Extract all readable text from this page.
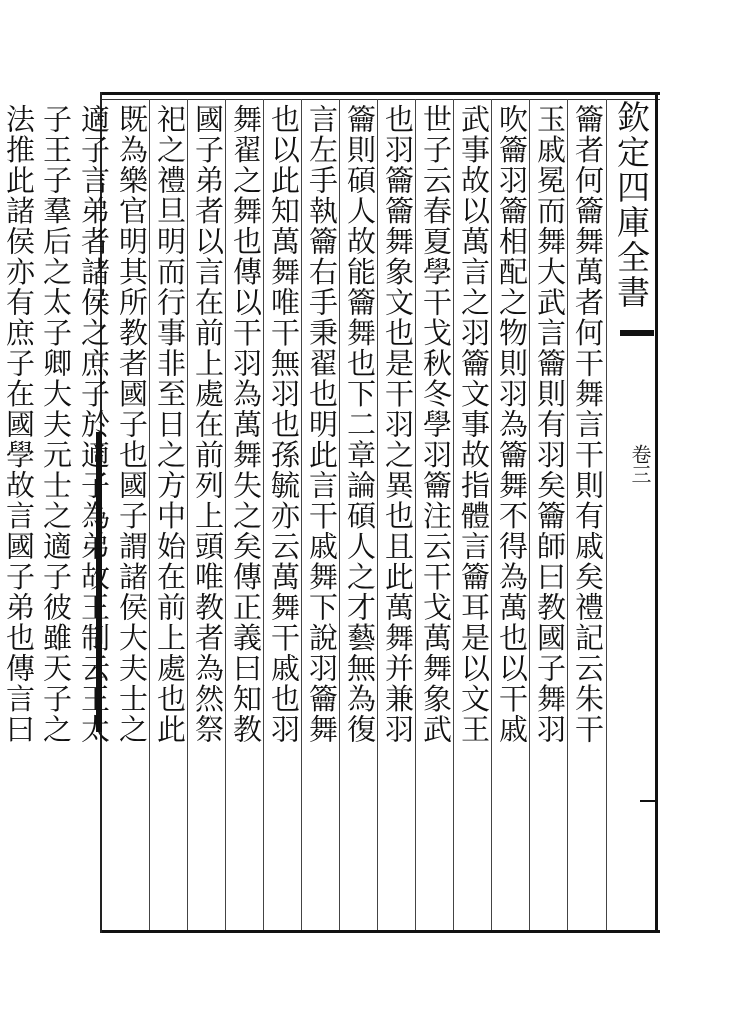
欽定四庫全書
卷三
籥者何籥舞萬者何干舞言干則有戚矣禮記云朱干
玉戚冕而舞大武言籥則有羽矣籥師曰教國子舞羽
吹籥羽籥相配之物則羽為籥舞不得為萬也以干戚
武事故以萬言之羽籥文事故指體言籥耳是以文王
世子云春夏學干戈秋冬學羽籥注云干戈萬舞象武
也羽籥籥舞象文也是干羽之異也且此萬舞并兼羽
籥則碩人故能籥舞也下二章論碩人之才藝無為復
言左手執籥右手秉翟也明此言干戚舞下說羽籥舞
也以此知萬舞唯干無羽也孫毓亦云萬舞干戚也羽
舞翟之舞也傳以干羽為萬舞失之矣傳正義曰知教
國子弟者以言在前上處在前列上頭唯教者為然祭
祀之禮旦明而行事非至日之方中始在前上處也此
既為樂官明其所教者國子也國子謂諸侯大夫士之
適子言弟者諸侯之庶子於適子為弟故王制云王太
子王子羣后之太子卿大夫元士之適子彼雖天子之
法推此諸侯亦有庶子在國學故言國子弟也傳言曰
